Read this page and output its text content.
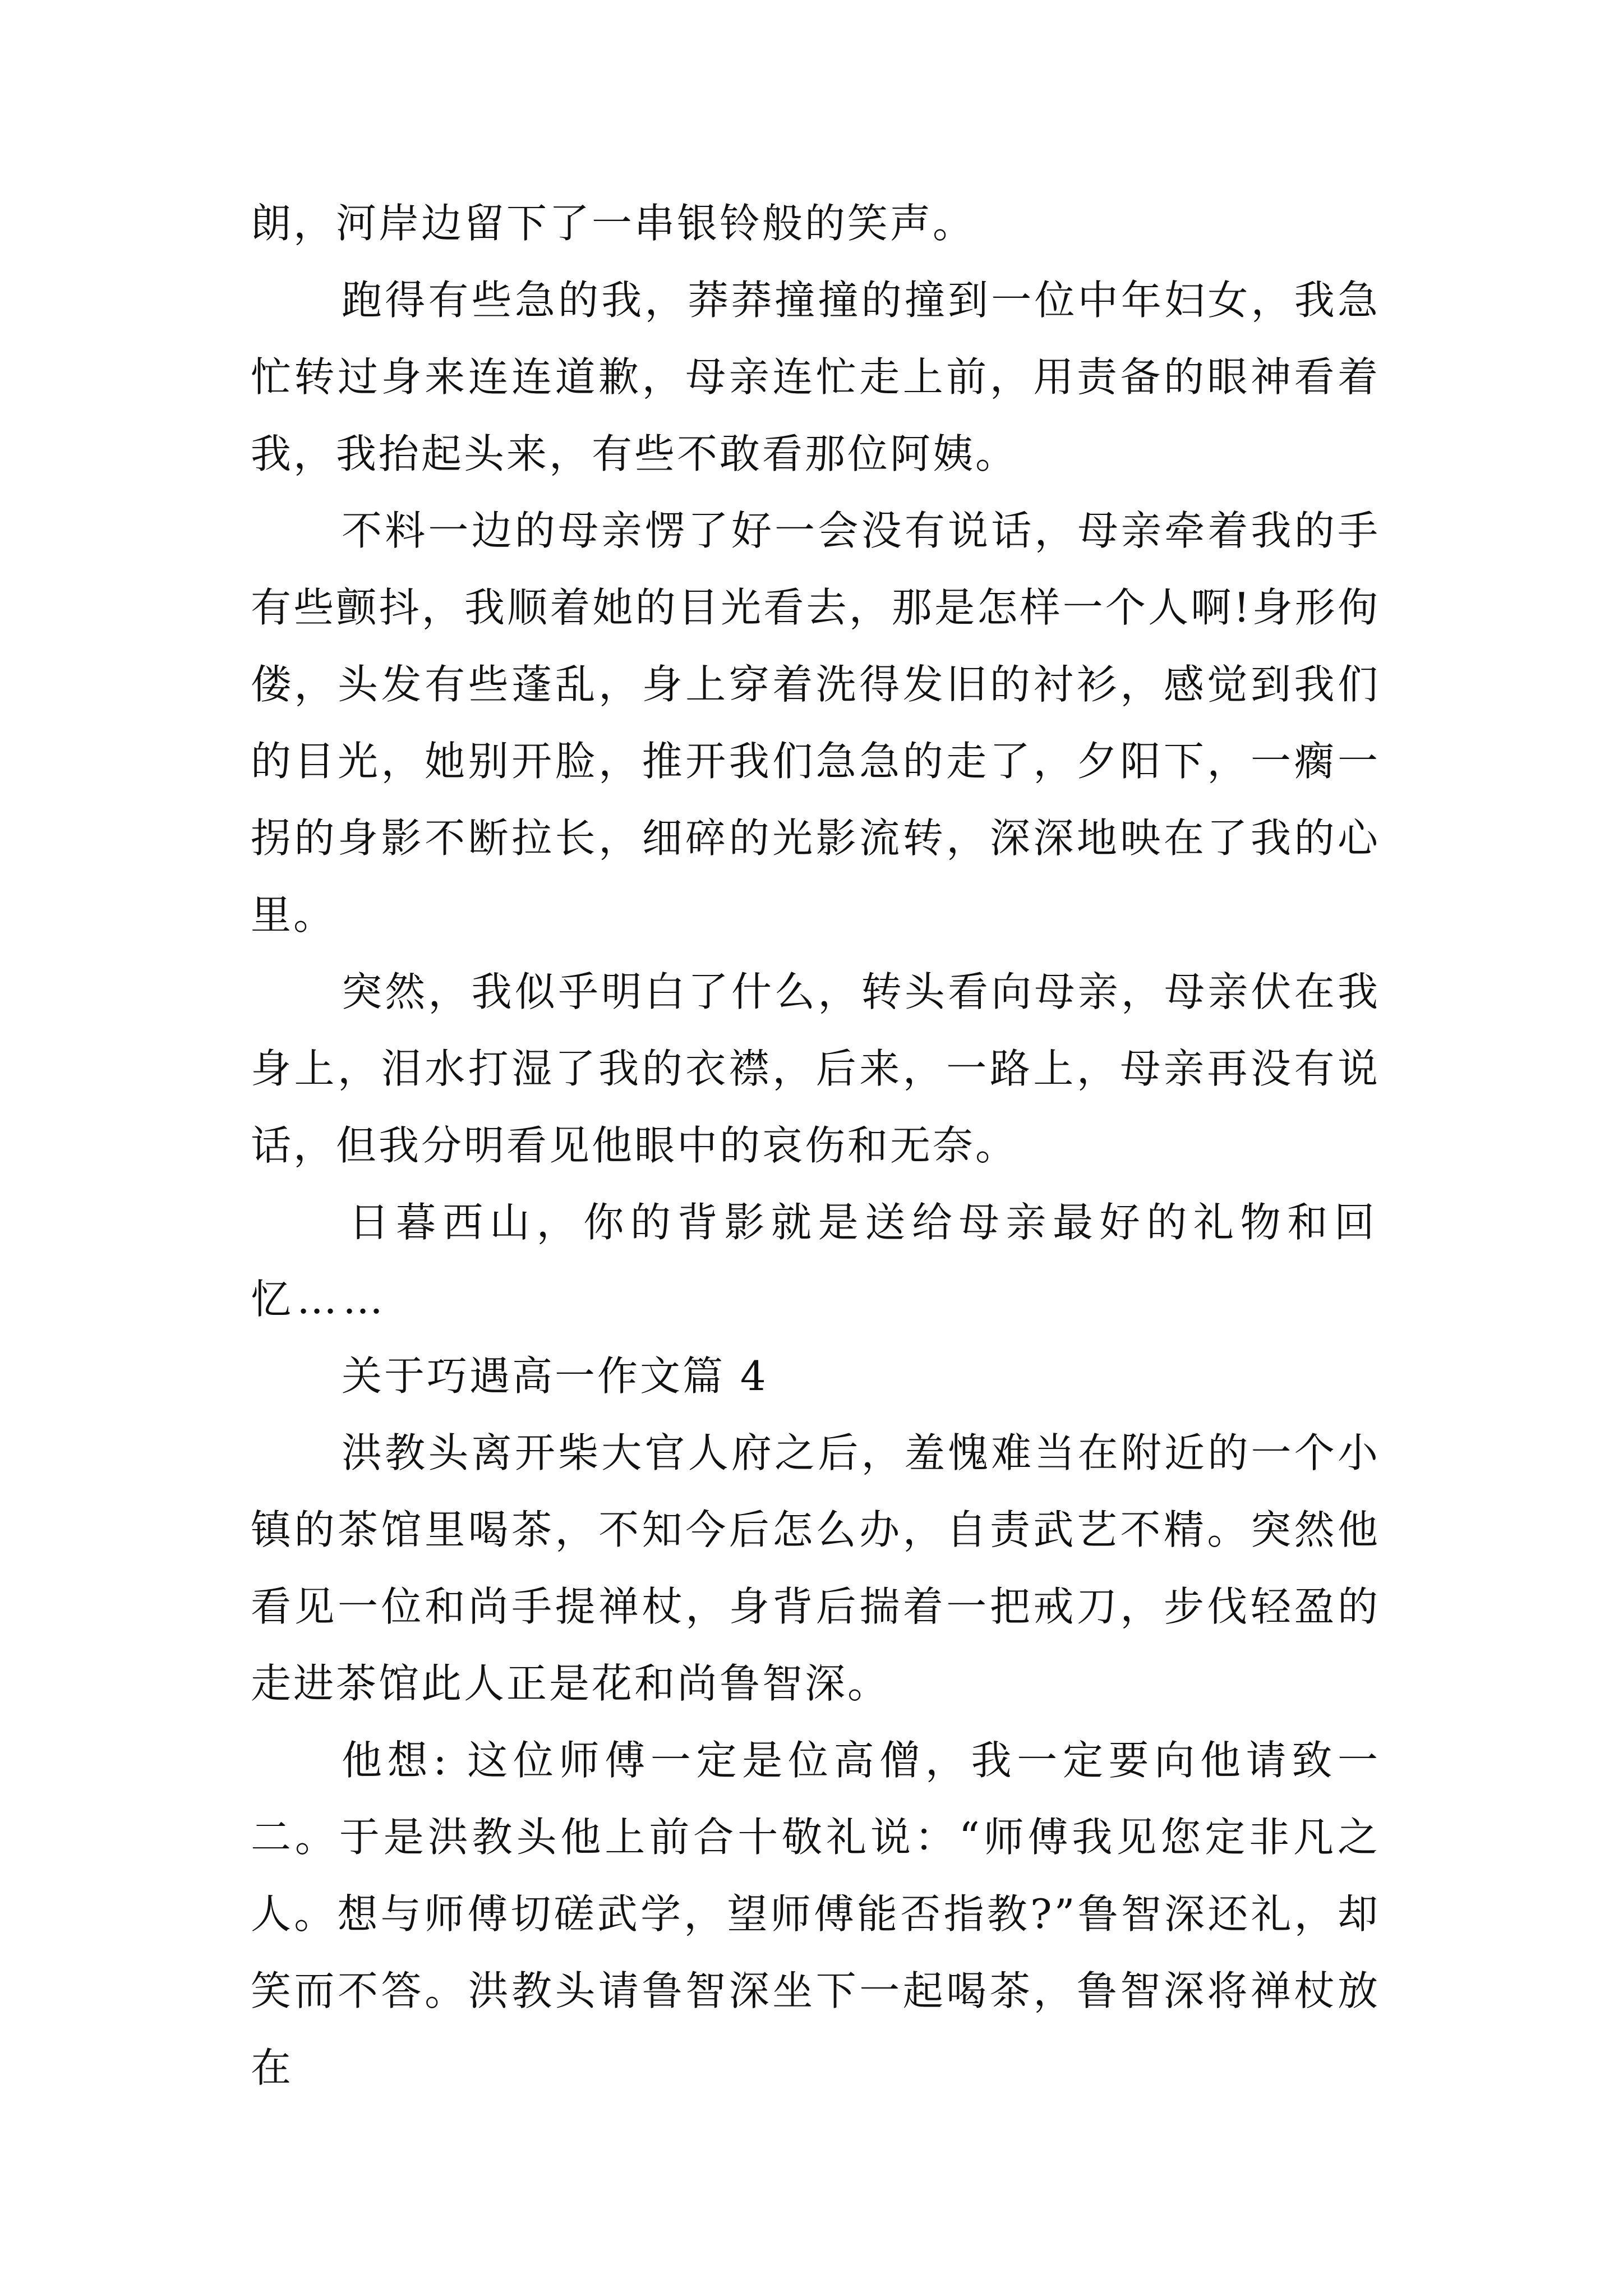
朗，河岸边留下了一串银铃般的笑声。

跑得有些急的我，莽莽撞撞的撞到一位中年妇女，我急忙转过身来连连道歉，母亲连忙走上前，用责备的眼神看着我，我抬起头来，有些不敢看那位阿姨。

不料一边的母亲愣了好一会没有说话，母亲牵着我的手有些颤抖，我顺着她的目光看去，那是怎样一个人啊!身形佝偻，头发有些蓬乱，身上穿着洗得发旧的衬衫，感觉到我们的目光，她别开脸，推开我们急急的走了，夕阳下，一瘸一拐的身影不断拉长，细碎的光影流转，深深地映在了我的心里。

突然，我似乎明白了什么，转头看向母亲，母亲伏在我身上，泪水打湿了我的衣襟，后来，一路上，母亲再没有说话，但我分明看见他眼中的哀伤和无奈。

日暮西山，你的背影就是送给母亲最好的礼物和回忆……

关于巧遇高一作文篇 4

洪教头离开柴大官人府之后，羞愧难当在附近的一个小镇的茶馆里喝茶，不知今后怎么办，自责武艺不精。突然他看见一位和尚手提禅杖，身背后揣着一把戒刀，步伐轻盈的走进茶馆此人正是花和尚鲁智深。

他想: 这位师傅一定是位高僧，我一定要向他请致一二。于是洪教头他上前合十敬礼说：“师傅我见您定非凡之人。想与师傅切磋武学，望师傅能否指教?”鲁智深还礼，却笑而不答。洪教头请鲁智深坐下一起喝茶，鲁智深将禅杖放在
